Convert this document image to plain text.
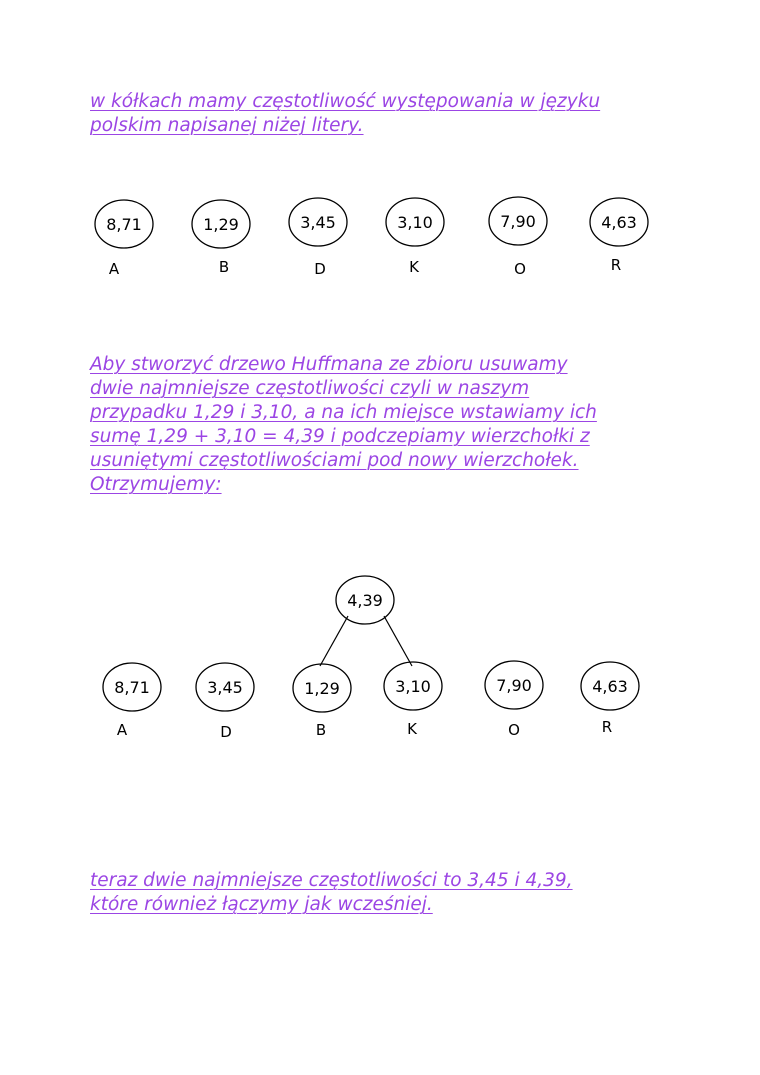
w kółkach mamy częstotliwość występowania w języku
polskim napisanej niżej litery.

8,71
A
1,29
B
3,45
D
3,10
K
7,90
O
4,63
R

Aby stworzyć drzewo Huffmana ze zbioru usuwamy
dwie najmniejsze częstotliwości czyli w naszym
przypadku 1,29 i 3,10, a na ich miejsce wstawiamy ich
sumę 1,29 + 3,10 = 4,39 i podczepiamy wierzchołki z
usuniętymi częstotliwościami pod nowy wierzchołek.
Otrzymujemy:

4,39
8,71
A
3,45
D
1,29
B
3,10
K
7,90
O
4,63
R

teraz dwie najmniejsze częstotliwości to 3,45 i 4,39,
które również łączymy jak wcześniej.
